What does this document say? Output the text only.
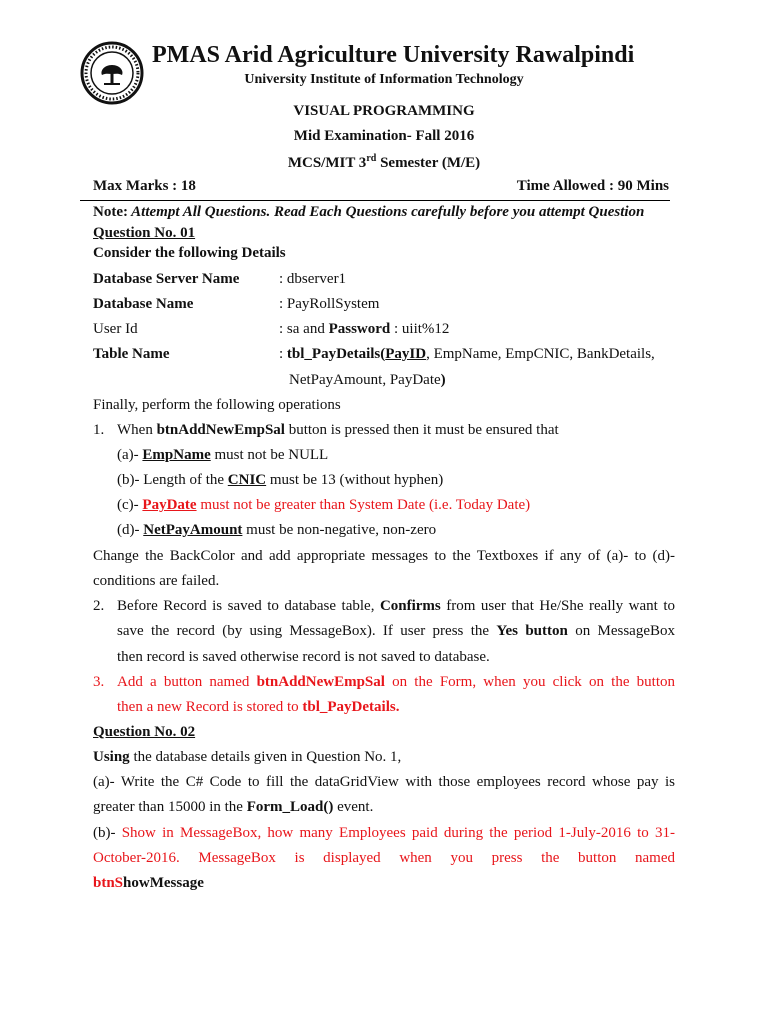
PMAS Arid Agriculture University Rawalpindi
University Institute of Information Technology
VISUAL PROGRAMMING
Mid Examination- Fall 2016
MCS/MIT 3rd Semester (M/E)
Max Marks : 18	Time Allowed : 90 Mins
Note: Attempt All Questions. Read Each Questions carefully before you attempt Question
Question No. 01
Consider the following Details
Database Server Name	: dbserver1
Database Name	: PayRollSystem
User Id	: sa and Password : uiit%12
Table Name	: tbl_PayDetails(PayID, EmpName, EmpCNIC, BankDetails,
NetPayAmount, PayDate)
Finally, perform the following operations
1. When btnAddNewEmpSal button is pressed then it must be ensured that
(a)- EmpName must not be NULL
(b)- Length of the CNIC must be 13 (without hyphen)
(c)- PayDate must not be greater than System Date (i.e. Today Date)
(d)- NetPayAmount must be non-negative, non-zero
Change the BackColor and add appropriate messages to the Textboxes if any of (a)- to (d)-
conditions are failed.
2. Before Record is saved to database table, Confirms from user that He/She really want to
save the record (by using MessageBox). If user press the Yes button on MessageBox
then record is saved otherwise record is not saved to database.
3. Add a button named btnAddNewEmpSal on the Form, when you click on the button
then a new Record is stored to tbl_PayDetails.
Question No. 02
Using the database details given in Question No. 1,
(a)- Write the C# Code to fill the dataGridView with those employees record whose pay is
greater than 15000 in the Form_Load() event.
(b)- Show in MessageBox, how many Employees paid during the period 1-July-2016 to 31-
October-2016. MessageBox is displayed when you press the button named
btnShowMessage
